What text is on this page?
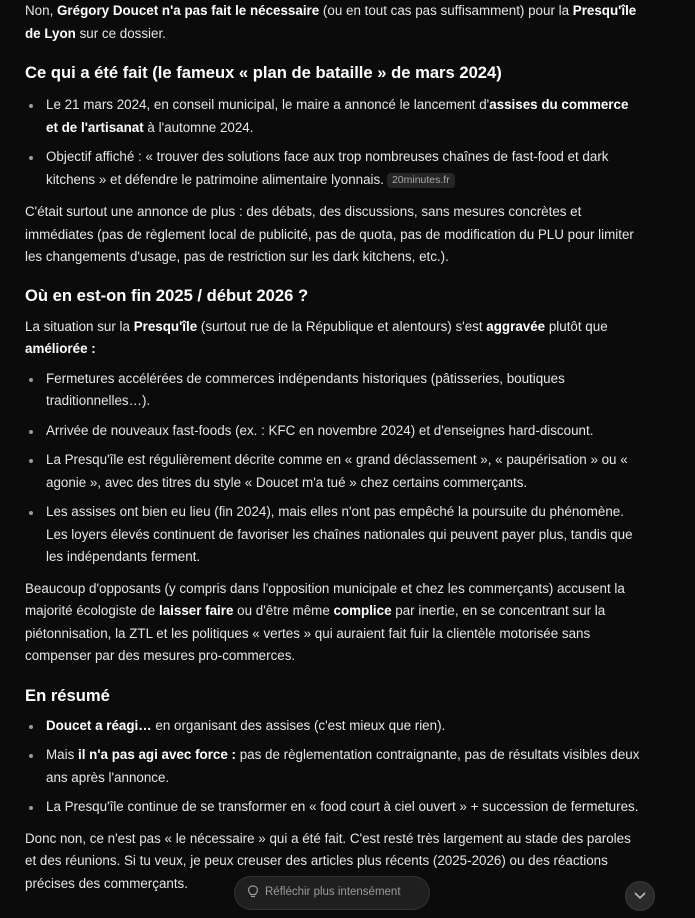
Non, Grégory Doucet n'a pas fait le nécessaire (ou en tout cas pas suffisamment) pour la Presqu'île de Lyon sur ce dossier.

Ce qui a été fait (le fameux « plan de bataille » de mars 2024)
Le 21 mars 2024, en conseil municipal, le maire a annoncé le lancement d'assises du commerce et de l'artisanat à l'automne 2024.
Objectif affiché : « trouver des solutions face aux trop nombreuses chaînes de fast-food et dark kitchens » et défendre le patrimoine alimentaire lyonnais. 20minutes.fr

C'était surtout une annonce de plus : des débats, des discussions, sans mesures concrètes et immédiates (pas de règlement local de publicité, pas de quota, pas de modification du PLU pour limiter les changements d'usage, pas de restriction sur les dark kitchens, etc.).

Où en est-on fin 2025 / début 2026 ?

La situation sur la Presqu'île (surtout rue de la République et alentours) s'est aggravée plutôt que améliorée :

Fermetures accélérées de commerces indépendants historiques (pâtisseries, boutiques traditionnelles…).
Arrivée de nouveaux fast-foods (ex. : KFC en novembre 2024) et d'enseignes hard-discount.
La Presqu'île est régulièrement décrite comme en « grand déclassement », « paupérisation » ou « agonie », avec des titres du style « Doucet m'a tué » chez certains commerçants.
Les assises ont bien eu lieu (fin 2024), mais elles n'ont pas empêché la poursuite du phénomène. Les loyers élevés continuent de favoriser les chaînes nationales qui peuvent payer plus, tandis que les indépendants ferment.

Beaucoup d'opposants (y compris dans l'opposition municipale et chez les commerçants) accusent la majorité écologiste de laisser faire ou d'être même complice par inertie, en se concentrant sur la piétonnisation, la ZTL et les politiques « vertes » qui auraient fait fuir la clientèle motorisée sans compenser par des mesures pro-commerces.

En résumé
Doucet a réagi… en organisant des assises (c'est mieux que rien).
Mais il n'a pas agi avec force : pas de règlementation contraignante, pas de résultats visibles deux ans après l'annonce.
La Presqu'île continue de se transformer en « food court à ciel ouvert » + succession de fermetures.

Donc non, ce n'est pas « le nécessaire » qui a été fait. C'est resté très largement au stade des paroles et des réunions. Si tu veux, je peux creuser des articles plus récents (2025-2026) ou des réactions précises des commerçants.

Réfléchir plus intensément
